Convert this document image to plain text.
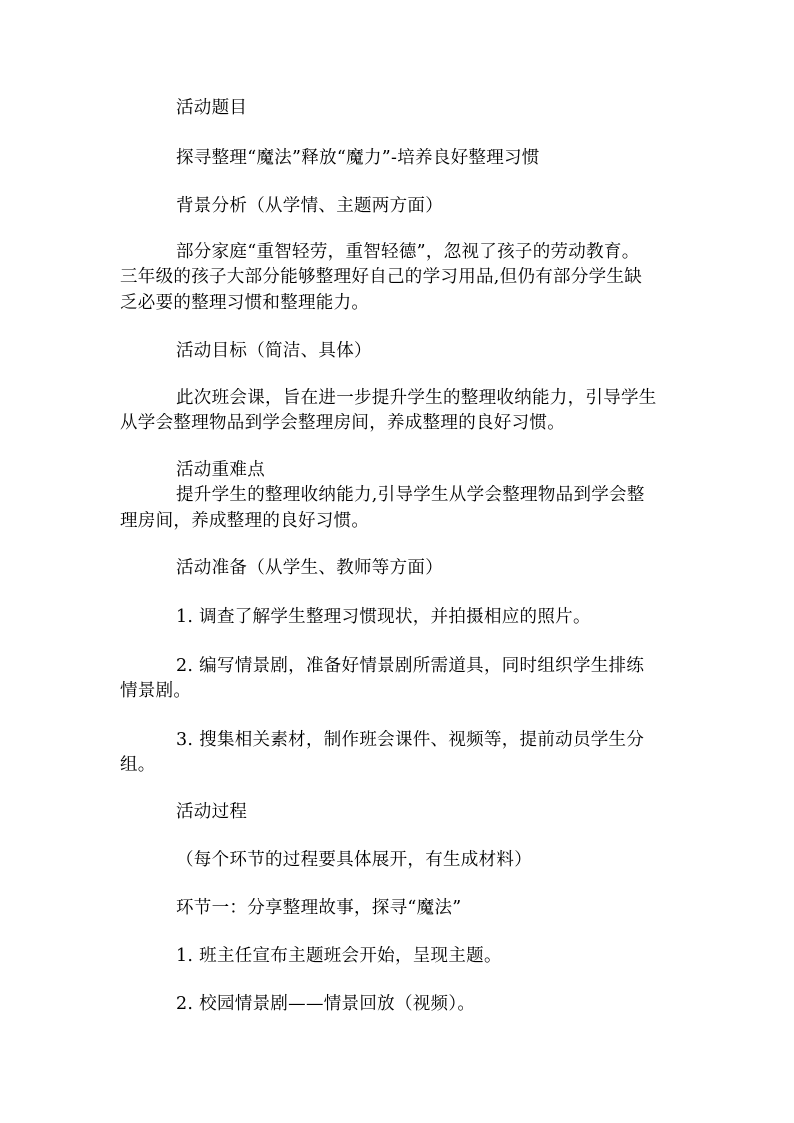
活动题目
探寻整理“魔法”释放“魔力”-培养良好整理习惯
背景分析（从学情、主题两方面）
部分家庭“重智轻劳，重智轻德”，忽视了孩子的劳动教育。
三年级的孩子大部分能够整理好自己的学习用品,但仍有部分学生缺
乏必要的整理习惯和整理能力。
活动目标（简洁、具体）
此次班会课，旨在进一步提升学生的整理收纳能力，引导学生
从学会整理物品到学会整理房间，养成整理的良好习惯。
活动重难点
提升学生的整理收纳能力,引导学生从学会整理物品到学会整
理房间，养成整理的良好习惯。
活动准备（从学生、教师等方面）
1. 调查了解学生整理习惯现状，并拍摄相应的照片。
2. 编写情景剧，准备好情景剧所需道具，同时组织学生排练
情景剧。
3. 搜集相关素材，制作班会课件、视频等，提前动员学生分
组。
活动过程
（每个环节的过程要具体展开，有生成材料）
环节一：分享整理故事，探寻“魔法”
1. 班主任宣布主题班会开始，呈现主题。
2. 校园情景剧——情景回放（视频）。
